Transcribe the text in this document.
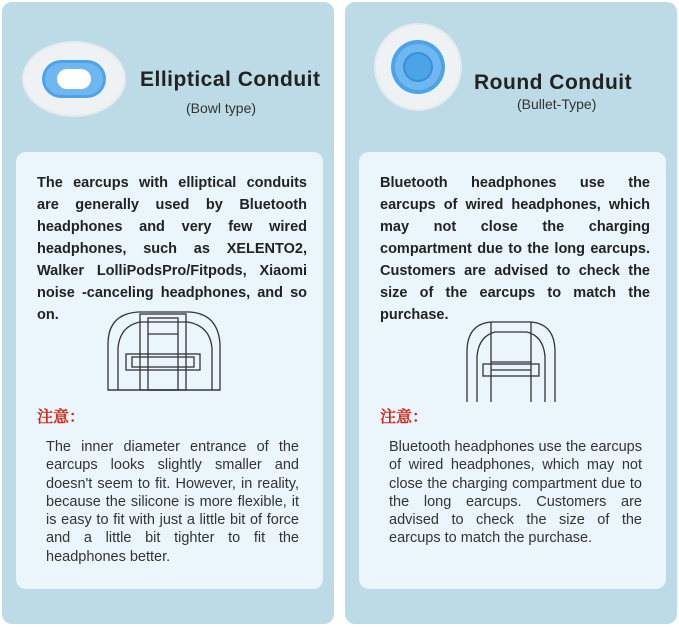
Elliptical Conduit
(Bowl type)
The earcups with elliptical conduits are generally used by Bluetooth headphones and very few wired headphones, such as XELENTO2, Walker LolliPodsPro/Fitpods, Xiaomi noise -canceling headphones, and so on.
注意：
The inner diameter entrance of the earcups looks slightly smaller and doesn't seem to fit. However, in reality, because the silicone is more flexible, it is easy to fit with just a little bit of force and a little bit tighter to fit the headphones better.
Round Conduit
(Bullet-Type)
Bluetooth headphones use the earcups of wired headphones, which may not close the charging compartment due to the long earcups. Customers are advised to check the size of the earcups to match the purchase.
注意：
Bluetooth headphones use the earcups of wired headphones, which may not close the charging compartment due to the long earcups. Customers are advised to check the size of the earcups to match the purchase.
